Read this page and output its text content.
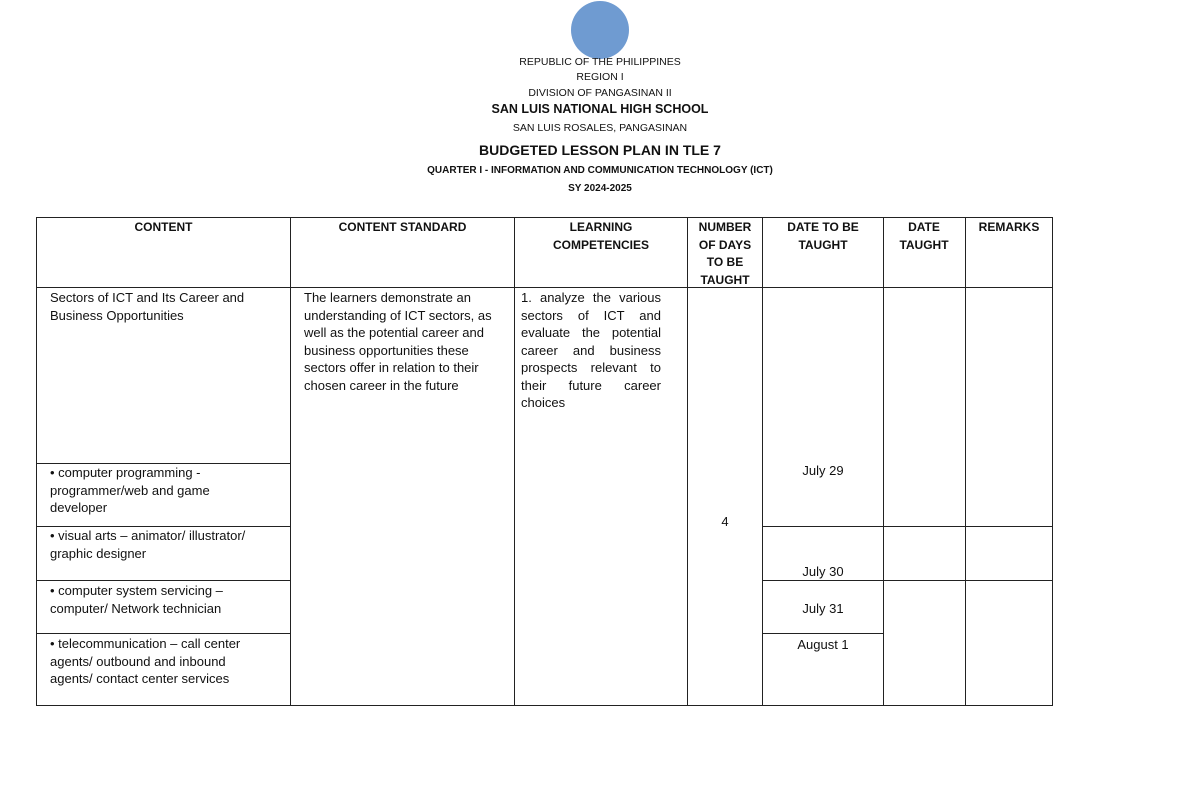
REPUBLIC OF THE PHILIPPINES
REGION I
DIVISION OF PANGASINAN II
SAN LUIS NATIONAL HIGH SCHOOL
SAN LUIS ROSALES, PANGASINAN
BUDGETED LESSON PLAN IN TLE 7
QUARTER I - INFORMATION AND COMMUNICATION TECHNOLOGY (ICT)
SY 2024-2025
CONTENT	CONTENT STANDARD	LEARNING COMPETENCIES
NUMBER OF DAYS TO BE TAUGHT
DATE TO BE TAUGHT
DATE TAUGHT
REMARKS
Sectors of ICT and Its Career and Business Opportunities
The learners demonstrate an understanding of ICT sectors, as well as the potential career and business opportunities these sectors offer in relation to their chosen career in the future
1. analyze the various sectors of ICT and evaluate the potential career and business prospects relevant to their future career choices
4
• computer programming - programmer/web and game developer
• visual arts – animator/ illustrator/ graphic designer
• computer system servicing – computer/ Network technician
• telecommunication – call center agents/ outbound and inbound agents/ contact center services
July 29
July 30
July 31
August 1
